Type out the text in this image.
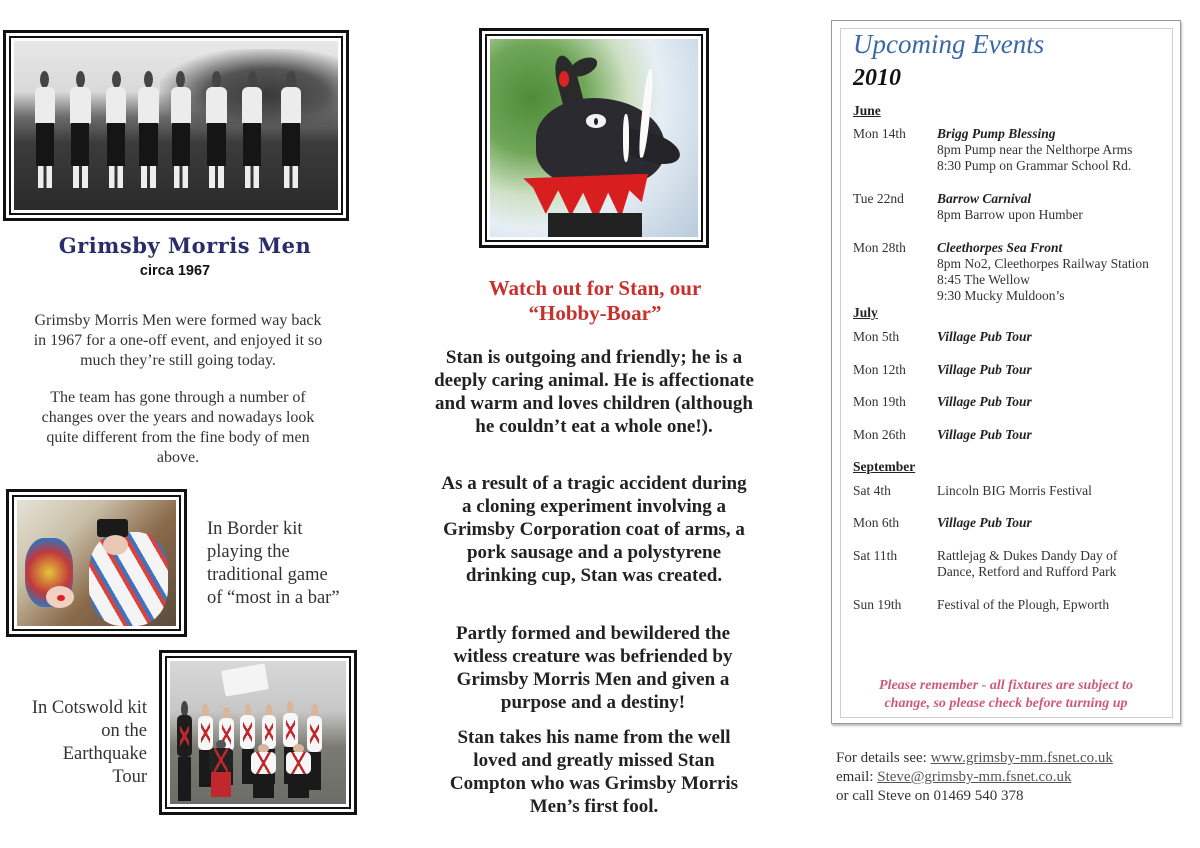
Grimsby Morris Men
circa 1967
Grimsby Morris Men were formed way back in 1967 for a one-off event, and enjoyed it so much they’re still going today.
The team has gone through a number of changes over the years and nowadays look quite different from the fine body of men above.
In Border kit
playing the
traditional game
of “most in a bar”
In Cotswold kit
on the
Earthquake
Tour
Watch out for Stan, our
“Hobby-Boar”
Stan is outgoing and friendly; he is a deeply caring animal. He is affectionate and warm and loves children (although he couldn’t eat a whole one!).
As a result of a tragic accident during a cloning experiment involving a Grimsby Corporation coat of arms, a pork sausage and a polystyrene drinking cup, Stan was created.
Partly formed and bewildered the witless creature was befriended by Grimsby Morris Men and given a purpose and a destiny!
Stan takes his name from the well loved and greatly missed Stan Compton who was Grimsby Morris Men’s first fool.
Upcoming Events
2010
June
Mon 14th	Brigg Pump Blessing
8pm Pump near the Nelthorpe Arms
8:30 Pump on Grammar School Rd.
Tue 22nd	Barrow Carnival
8pm Barrow upon Humber
Mon 28th	Cleethorpes Sea Front
8pm No2, Cleethorpes Railway Station
8:45 The Wellow
9:30 Mucky Muldoon’s
July
Mon 5th	Village Pub Tour
Mon 12th	Village Pub Tour
Mon 19th	Village Pub Tour
Mon 26th	Village Pub Tour
September
Sat 4th	Lincoln BIG Morris Festival
Mon 6th	Village Pub Tour
Sat 11th	Rattlejag & Dukes Dandy Day of
Dance, Retford and Rufford Park
Sun 19th	Festival of the Plough, Epworth
Please remember - all fixtures are subject to
change, so please check before turning up
For details see: www.grimsby-mm.fsnet.co.uk
email: Steve@grimsby-mm.fsnet.co.uk
or call Steve on 01469 540 378
